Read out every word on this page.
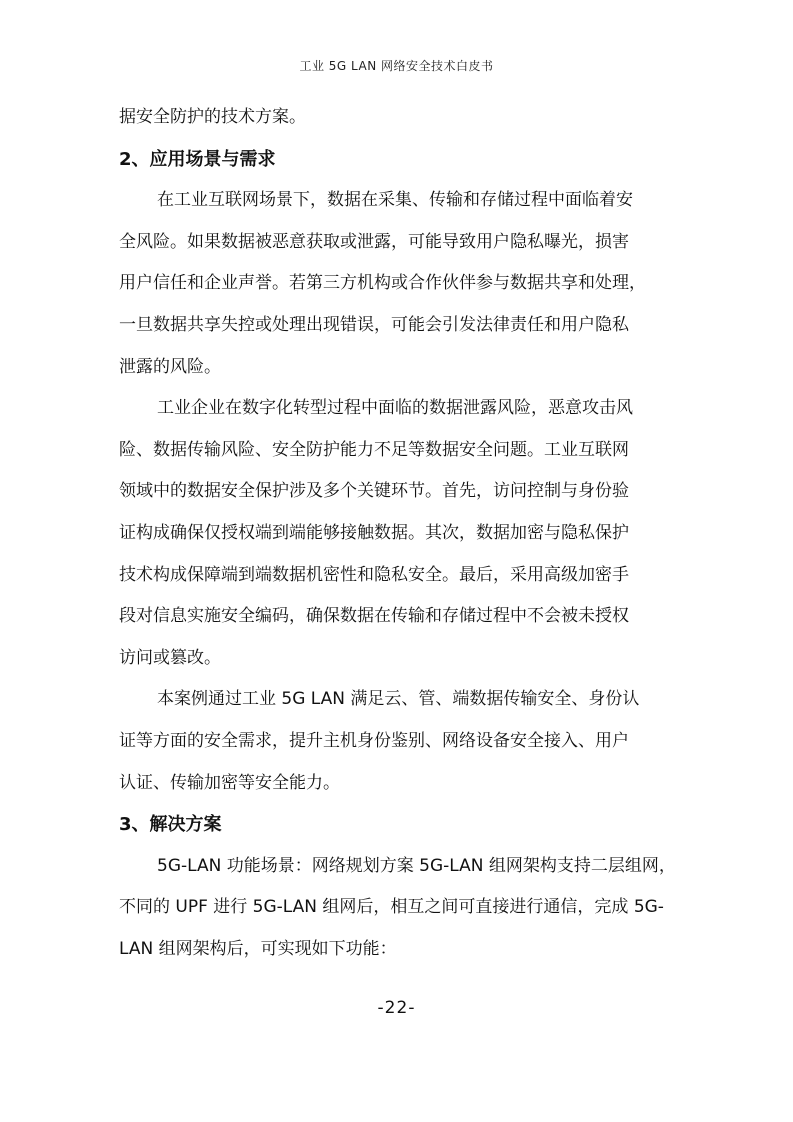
工业 5G LAN 网络安全技术白皮书
据安全防护的技术方案。
2、应用场景与需求
在工业互联网场景下，数据在采集、传输和存储过程中面临着安
全风险。如果数据被恶意获取或泄露，可能导致用户隐私曝光，损害
用户信任和企业声誉。若第三方机构或合作伙伴参与数据共享和处理，
一旦数据共享失控或处理出现错误，可能会引发法律责任和用户隐私
泄露的风险。
工业企业在数字化转型过程中面临的数据泄露风险，恶意攻击风
险、数据传输风险、安全防护能力不足等数据安全问题。工业互联网
领域中的数据安全保护涉及多个关键环节。首先，访问控制与身份验
证构成确保仅授权端到端能够接触数据。其次，数据加密与隐私保护
技术构成保障端到端数据机密性和隐私安全。最后，采用高级加密手
段对信息实施安全编码，确保数据在传输和存储过程中不会被未授权
访问或篡改。
本案例通过工业 5G LAN 满足云、管、端数据传输安全、身份认
证等方面的安全需求，提升主机身份鉴别、网络设备安全接入、用户
认证、传输加密等安全能力。
3、解决方案
5G-LAN 功能场景：网络规划方案 5G-LAN 组网架构支持二层组网，
不同的 UPF 进行 5G-LAN 组网后，相互之间可直接进行通信，完成 5G-
LAN 组网架构后，可实现如下功能：
-22-
